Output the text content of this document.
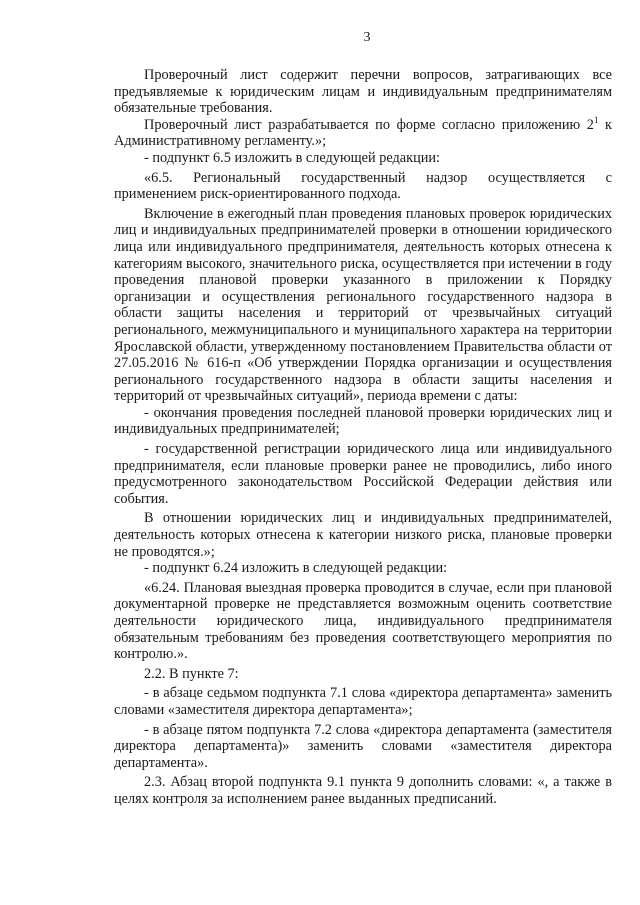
3

Проверочный лист содержит перечни вопросов, затрагивающих все предъявляемые к юридическим лицам и индивидуальным предпринимателям обязательные требования.

Проверочный лист разрабатывается по форме согласно приложению $2^1$ к Административному регламенту.»;

- подпункт 6.5 изложить в следующей редакции:

«6.5. Региональный государственный надзор осуществляется с применением риск-ориентированного подхода.

Включение в ежегодный план проведения плановых проверок юридических лиц и индивидуальных предпринимателей проверки в отношении юридического лица или индивидуального предпринимателя, деятельность которых отнесена к категориям высокого, значительного риска, осуществляется при истечении в году проведения плановой проверки указанного в приложении к Порядку организации и осуществления регионального государственного надзора в области защиты населения и территорий от чрезвычайных ситуаций регионального, межмуниципального и муниципального характера на территории Ярославской области, утвержденному постановлением Правительства области от 27.05.2016 № 616-п «Об утверждении Порядка организации и осуществления регионального государственного надзора в области защиты населения и территорий от чрезвычайных ситуаций», периода времени с даты:

- окончания проведения последней плановой проверки юридических лиц и индивидуальных предпринимателей;

- государственной регистрации юридического лица или индивидуального предпринимателя, если плановые проверки ранее не проводились, либо иного предусмотренного законодательством Российской Федерации действия или события.

В отношении юридических лиц и индивидуальных предпринимателей, деятельность которых отнесена к категории низкого риска, плановые проверки не проводятся.»;

- подпункт 6.24 изложить в следующей редакции:

«6.24. Плановая выездная проверка проводится в случае, если при плановой документарной проверке не представляется возможным оценить соответствие деятельности юридического лица, индивидуального предпринимателя обязательным требованиям без проведения соответствующего мероприятия по контролю.».

2.2. В пункте 7:

- в абзаце седьмом подпункта 7.1 слова «директора департамента» заменить словами «заместителя директора департамента»;

- в абзаце пятом подпункта 7.2 слова «директора департамента (заместителя директора департамента)» заменить словами «заместителя директора департамента».

2.3. Абзац второй подпункта 9.1 пункта 9 дополнить словами: «, а также в целях контроля за исполнением ранее выданных предписаний.
